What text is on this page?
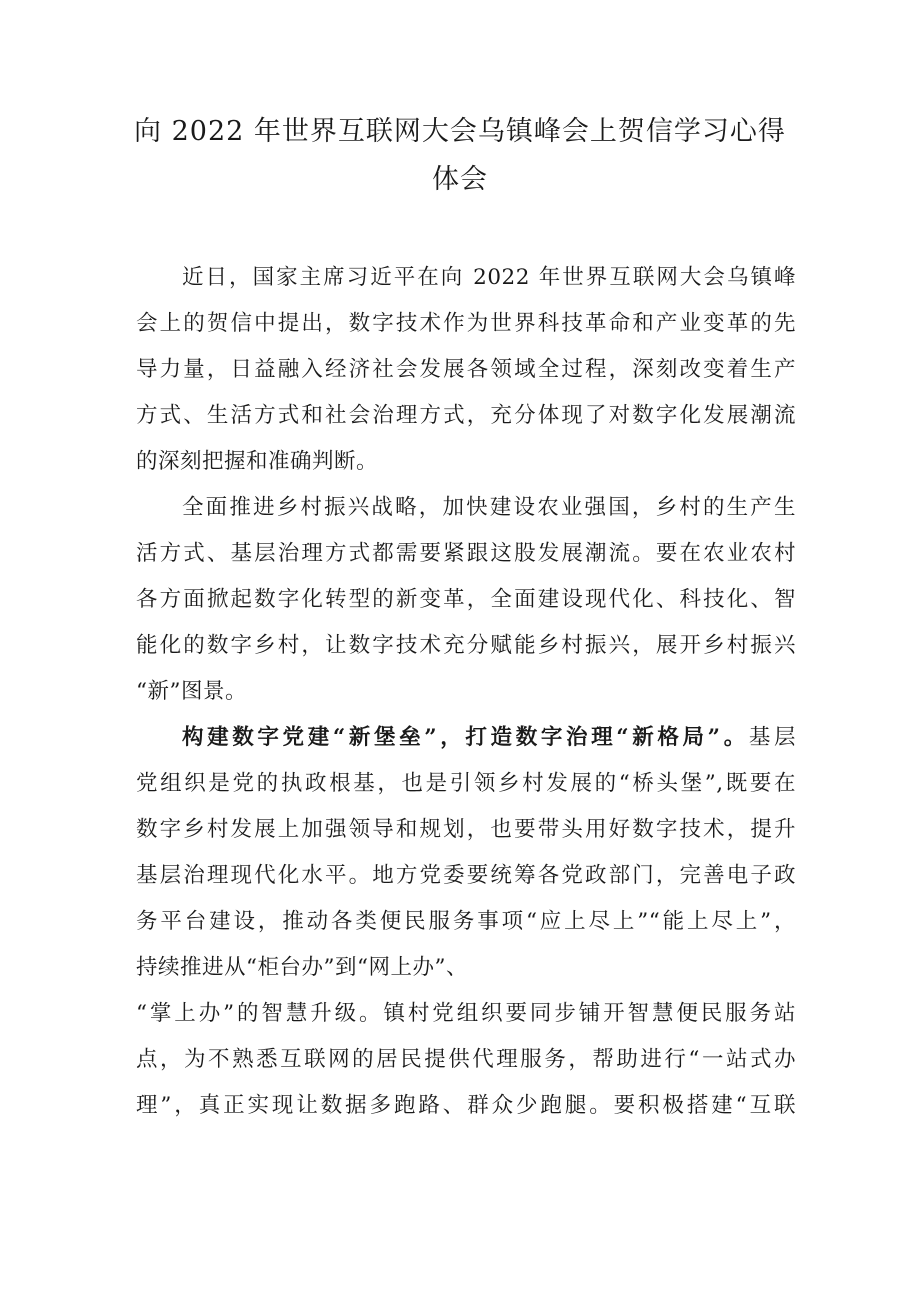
向 2022 年世界互联网大会乌镇峰会上贺信学习心得
体会
近日，国家主席习近平在向 2022 年世界互联网大会乌镇峰
会上的贺信中提出，数字技术作为世界科技革命和产业变革的先
导力量，日益融入经济社会发展各领域全过程，深刻改变着生产
方式、生活方式和社会治理方式，充分体现了对数字化发展潮流
的深刻把握和准确判断。
全面推进乡村振兴战略，加快建设农业强国，乡村的生产生
活方式、基层治理方式都需要紧跟这股发展潮流。要在农业农村
各方面掀起数字化转型的新变革，全面建设现代化、科技化、智
能化的数字乡村，让数字技术充分赋能乡村振兴，展开乡村振兴
“新”图景。
构建数字党建“新堡垒”，打造数字治理“新格局”。基层
党组织是党的执政根基，也是引领乡村发展的“桥头堡”,既要在
数字乡村发展上加强领导和规划，也要带头用好数字技术，提升
基层治理现代化水平。地方党委要统筹各党政部门，完善电子政
务平台建设，推动各类便民服务事项“应上尽上”“能上尽上”，
持续推进从“柜台办”到“网上办”、
“掌上办”的智慧升级。镇村党组织要同步铺开智慧便民服务站
点，为不熟悉互联网的居民提供代理服务，帮助进行“一站式办
理”，真正实现让数据多跑路、群众少跑腿。要积极搭建“互联
